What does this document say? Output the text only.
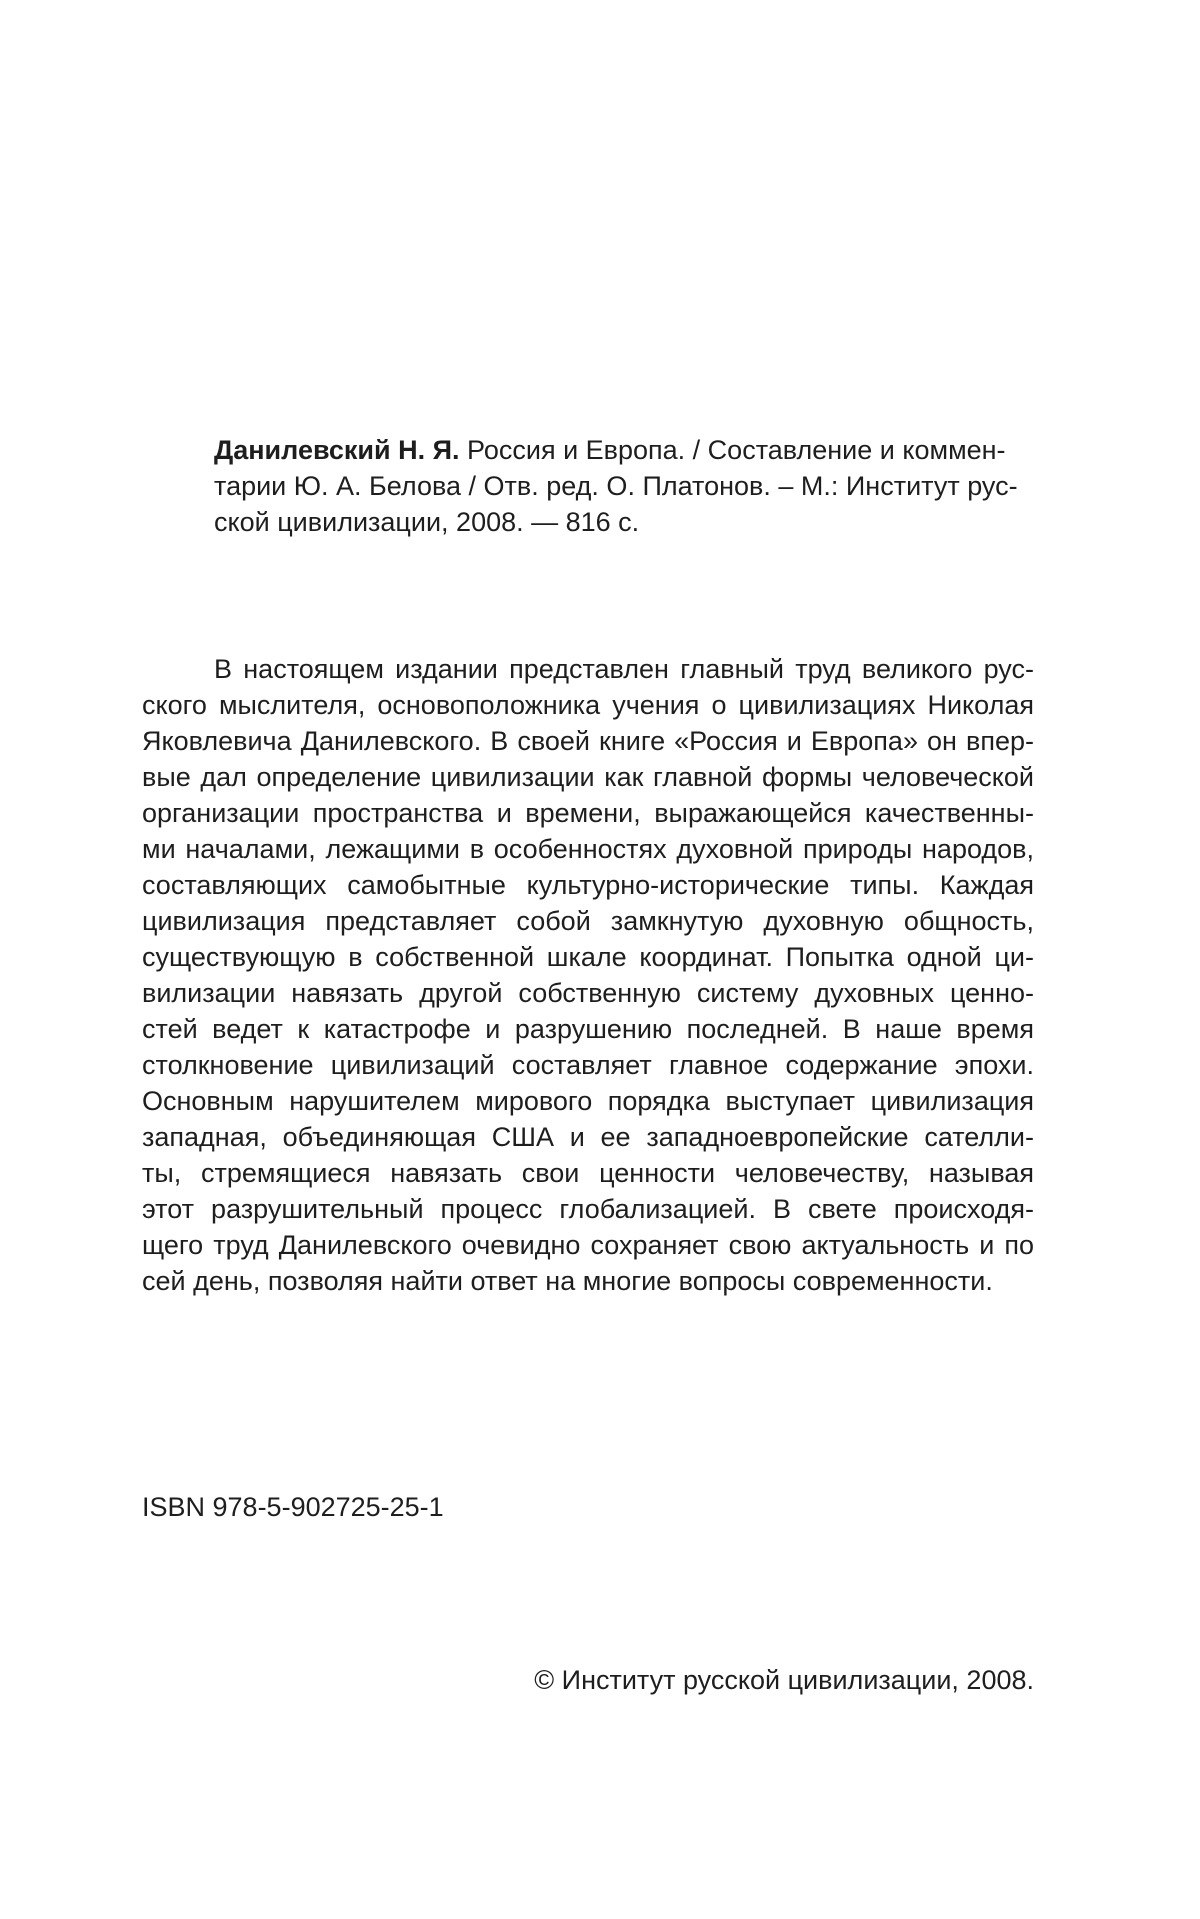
Данилевский Н. Я. Россия и Европа. / Составление и коммен-
тарии Ю. А. Белова / Отв. ред. О. Платонов. – М.: Институт рус-
ской цивилизации, 2008. — 816 с.
В настоящем издании представлен главный труд великого рус-
ского мыслителя, основоположника учения о цивилизациях Николая
Яковлевича Данилевского. В своей книге «Россия и Европа» он впер-
вые дал определение цивилизации как главной формы человеческой
организации пространства и времени, выражающейся качественны-
ми началами, лежащими в особенностях духовной природы народов,
составляющих самобытные культурно-исторические типы. Каждая
цивилизация представляет собой замкнутую духовную общность,
существующую в собственной шкале координат. Попытка одной ци-
вилизации навязать другой собственную систему духовных ценно-
стей ведет к катастрофе и разрушению последней. В наше время
столкновение цивилизаций составляет главное содержание эпохи.
Основным нарушителем мирового порядка выступает цивилизация
западная, объединяющая США и ее западноевропейские сателли-
ты, стремящиеся навязать свои ценности человечеству, называя
этот разрушительный процесс глобализацией. В свете происходя-
щего труд Данилевского очевидно сохраняет свою актуальность и по
сей день, позволяя найти ответ на многие вопросы современности.
ISBN 978-5-902725-25-1
© Институт русской цивилизации, 2008.
